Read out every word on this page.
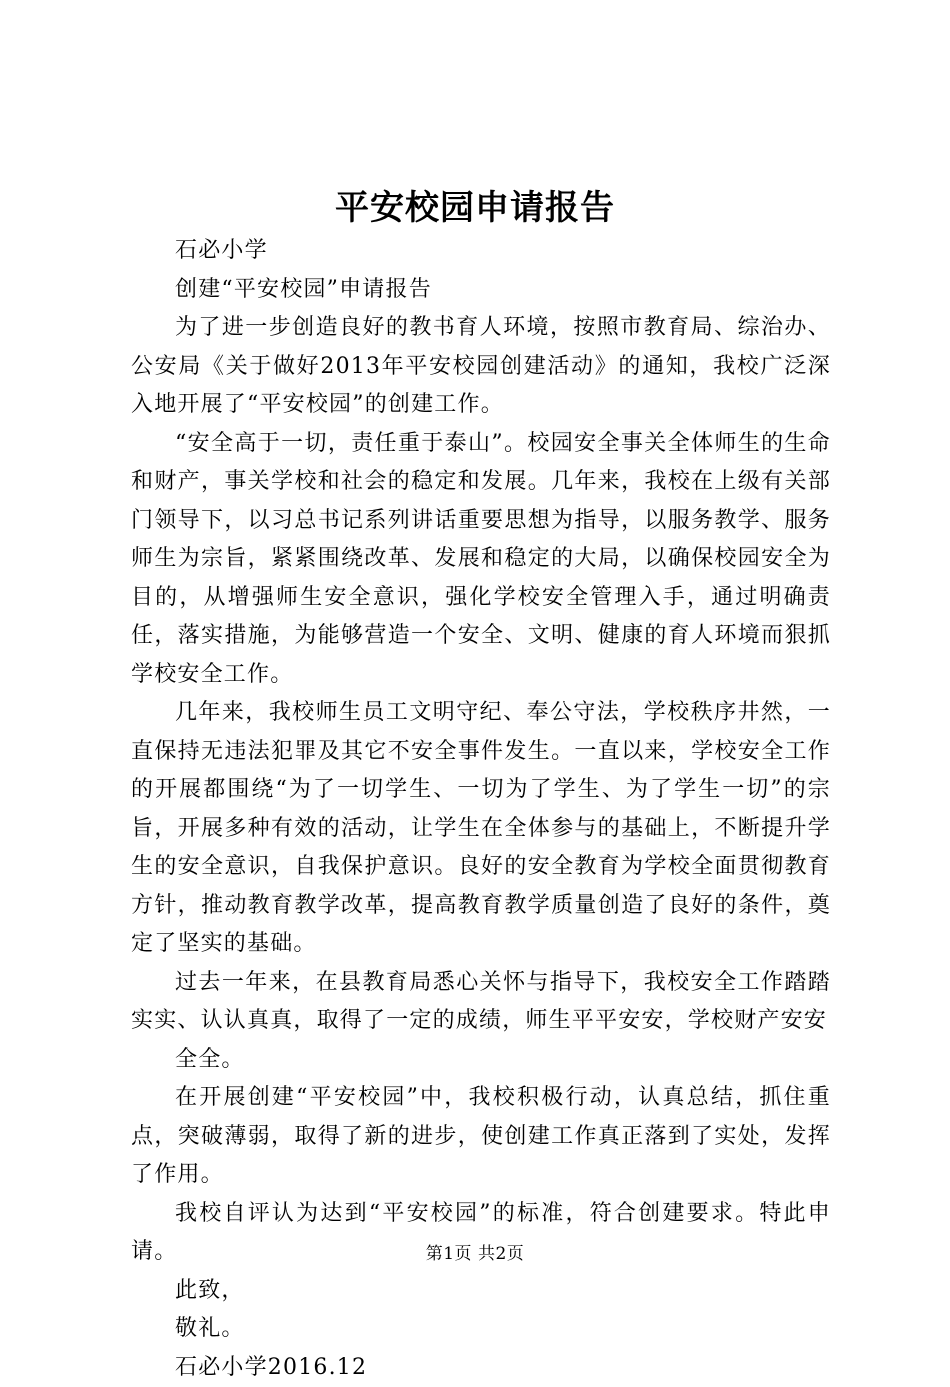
平安校园申请报告

石必小学

创建“平安校园”申请报告

为了进一步创造良好的教书育人环境，按照市教育局、综治办、公安局《关于做好2013年平安校园创建活动》的通知，我校广泛深入地开展了“平安校园”的创建工作。

“安全高于一切，责任重于泰山”。校园安全事关全体师生的生命和财产，事关学校和社会的稳定和发展。几年来，我校在上级有关部门领导下，以习总书记系列讲话重要思想为指导，以服务教学、服务师生为宗旨，紧紧围绕改革、发展和稳定的大局，以确保校园安全为目的，从增强师生安全意识，强化学校安全管理入手，通过明确责任，落实措施，为能够营造一个安全、文明、健康的育人环境而狠抓学校安全工作。

几年来，我校师生员工文明守纪、奉公守法，学校秩序井然，一直保持无违法犯罪及其它不安全事件发生。一直以来，学校安全工作的开展都围绕“为了一切学生、一切为了学生、为了学生一切”的宗旨，开展多种有效的活动，让学生在全体参与的基础上，不断提升学生的安全意识，自我保护意识。良好的安全教育为学校全面贯彻教育方针，推动教育教学改革，提高教育教学质量创造了良好的条件，奠定了坚实的基础。

过去一年来，在县教育局悉心关怀与指导下，我校安全工作踏踏实实、认认真真，取得了一定的成绩，师生平平安安，学校财产安安

全全。

在开展创建“平安校园”中，我校积极行动，认真总结，抓住重点，突破薄弱，取得了新的进步，使创建工作真正落到了实处，发挥了作用。

我校自评认为达到“平安校园”的标准，符合创建要求。特此申请。

此致，

敬礼。

石必小学2016.12

第1页 共2页
